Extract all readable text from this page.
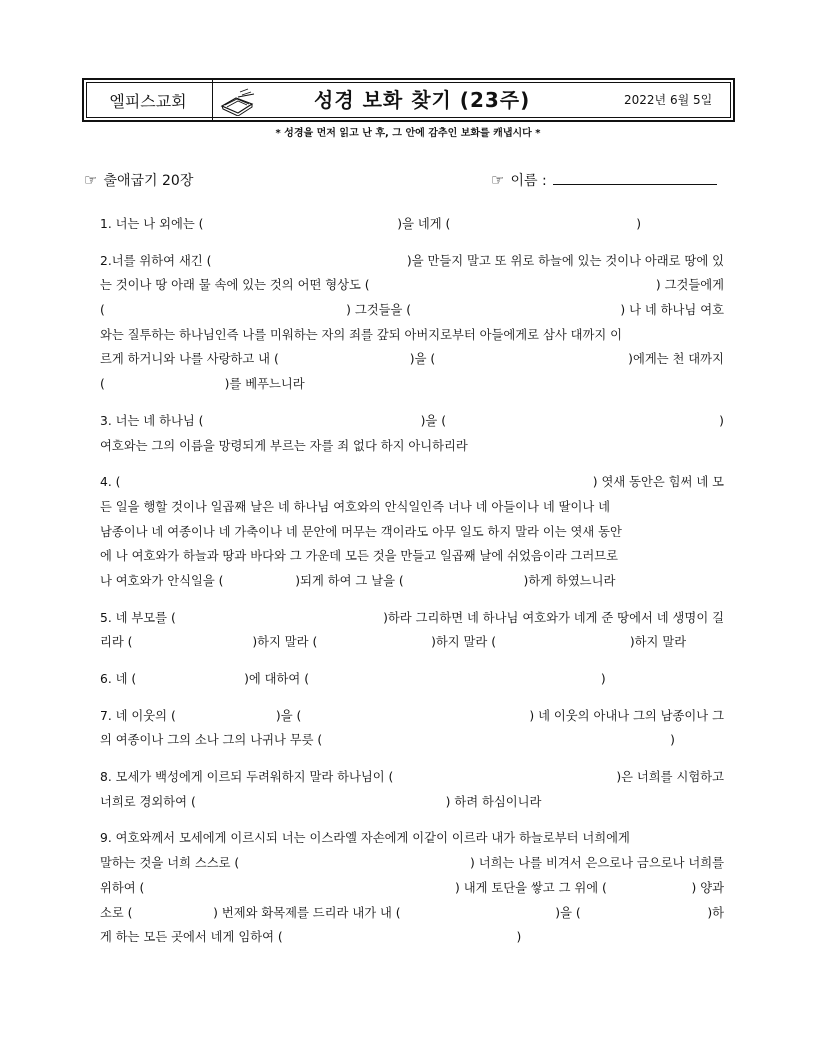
엘피스교회	성경 보화 찾기 (23주)	2022년 6월 5일
* 성경을 먼저 읽고 난 후, 그 안에 감추인 보화를 캐냅시다 *
☞ 출애굽기 20장	☞ 이름 :
1. 너는 나 외에는 (	)을 네게 (	)
2.너를 위하여 새긴 (	)을 만들지 말고 또 위로 하늘에 있는 것이나 아래로 땅에 있
는 것이나 땅 아래 물 속에 있는 것의 어떤 형상도 (	) 그것들에게
(	) 그것들을 (	) 나 네 하나님 여호
와는 질투하는 하나님인즉 나를 미워하는 자의 죄를 갚되 아버지로부터 아들에게로 삼사 대까지 이
르게 하거니와 나를 사랑하고 내 (	)을 (	)에게는 천 대까지
(	)를 베푸느니라
3. 너는 네 하나님 (	)을 (	)
여호와는 그의 이름을 망령되게 부르는 자를 죄 없다 하지 아니하리라
4. (	) 엿새 동안은 힘써 네 모
든 일을 행할 것이나 일곱째 날은 네 하나님 여호와의 안식일인즉 너나 네 아들이나 네 딸이나 네
남종이나 네 여종이나 네 가축이나 네 문안에 머무는 객이라도 아무 일도 하지 말라 이는 엿새 동안
에 나 여호와가 하늘과 땅과 바다와 그 가운데 모든 것을 만들고 일곱째 날에 쉬었음이라 그러므로
나 여호와가 안식일을 (	)되게 하여 그 날을 (	)하게 하였느니라
5. 네 부모를 (	)하라 그리하면 네 하나님 여호와가 네게 준 땅에서 네 생명이 길
리라 (	)하지 말라 (	)하지 말라 (	)하지 말라
6. 네 (	)에 대하여 (	)
7. 네 이웃의 (	)을 (	) 네 이웃의 아내나 그의 남종이나 그
의 여종이나 그의 소나 그의 나귀나 무릇 (	)
8. 모세가 백성에게 이르되 두려워하지 말라 하나님이 (	)은 너희를 시험하고
너희로 경외하여 (	) 하려 하심이니라
9. 여호와께서 모세에게 이르시되 너는 이스라엘 자손에게 이같이 이르라 내가 하늘로부터 너희에게
말하는 것을 너희 스스로 (	) 너희는 나를 비겨서 은으로나 금으로나 너희를
위하여 (	) 내게 토단을 쌓고 그 위에 (	) 양과
소로 (	) 번제와 화목제를 드리라 내가 내 (	)을 (	)하
게 하는 모든 곳에서 네게 임하여 (	)
